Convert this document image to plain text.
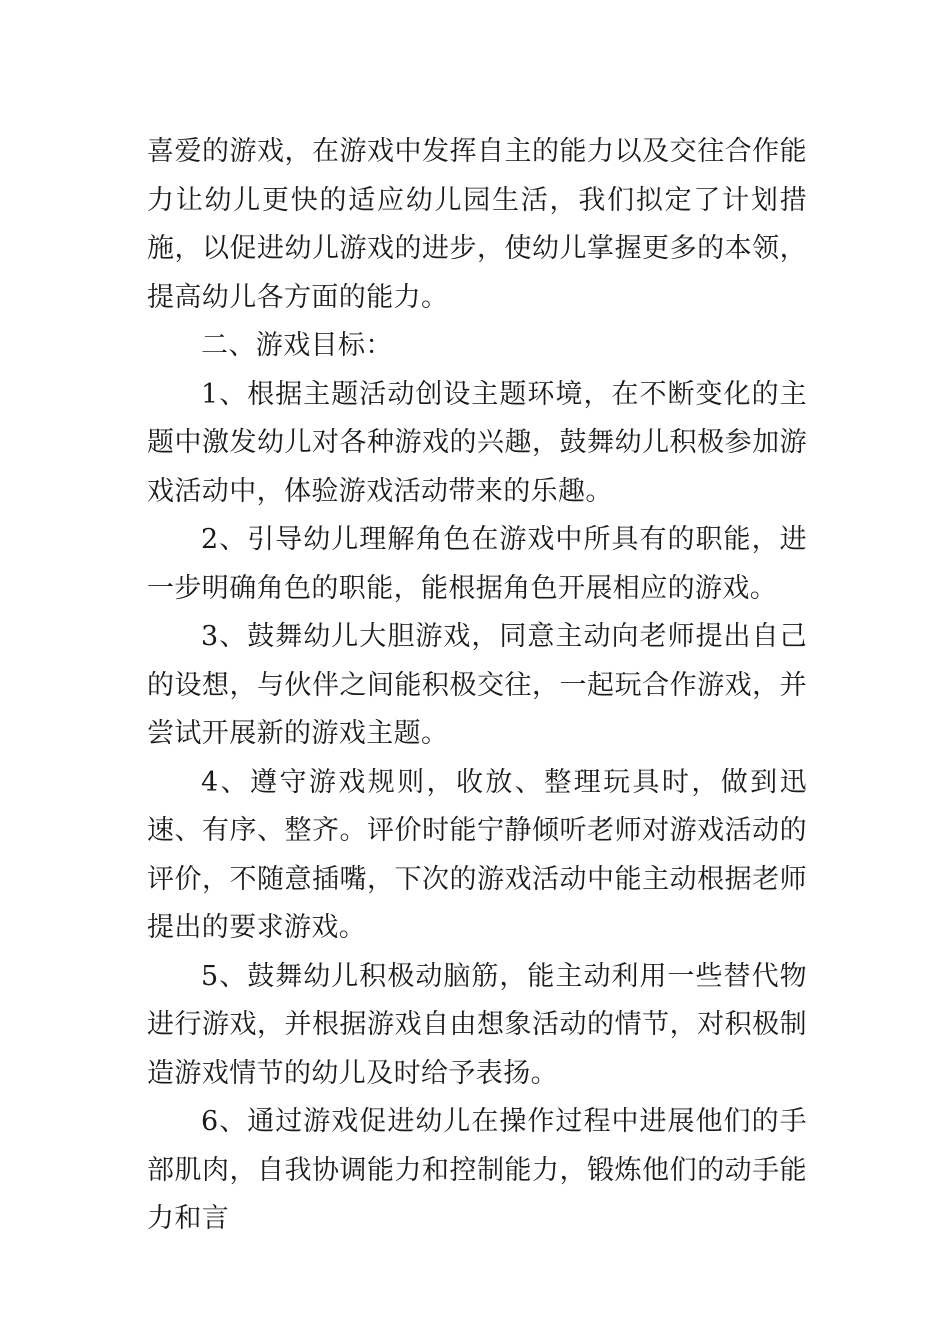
喜爱的游戏，在游戏中发挥自主的能力以及交往合作能力让幼儿更快的适应幼儿园生活，我们拟定了计划措施，以促进幼儿游戏的进步，使幼儿掌握更多的本领，提高幼儿各方面的能力。

二、游戏目标：

1、根据主题活动创设主题环境，在不断变化的主题中激发幼儿对各种游戏的兴趣，鼓舞幼儿积极参加游戏活动中，体验游戏活动带来的乐趣。

2、引导幼儿理解角色在游戏中所具有的职能，进一步明确角色的职能，能根据角色开展相应的游戏。

3、鼓舞幼儿大胆游戏，同意主动向老师提出自己的设想，与伙伴之间能积极交往，一起玩合作游戏，并尝试开展新的游戏主题。

4、遵守游戏规则，收放、整理玩具时，做到迅速、有序、整齐。评价时能宁静倾听老师对游戏活动的评价，不随意插嘴，下次的游戏活动中能主动根据老师提出的要求游戏。

5、鼓舞幼儿积极动脑筋，能主动利用一些替代物进行游戏，并根据游戏自由想象活动的情节，对积极制造游戏情节的幼儿及时给予表扬。

6、通过游戏促进幼儿在操作过程中进展他们的手部肌肉，自我协调能力和控制能力，锻炼他们的动手能力和言
